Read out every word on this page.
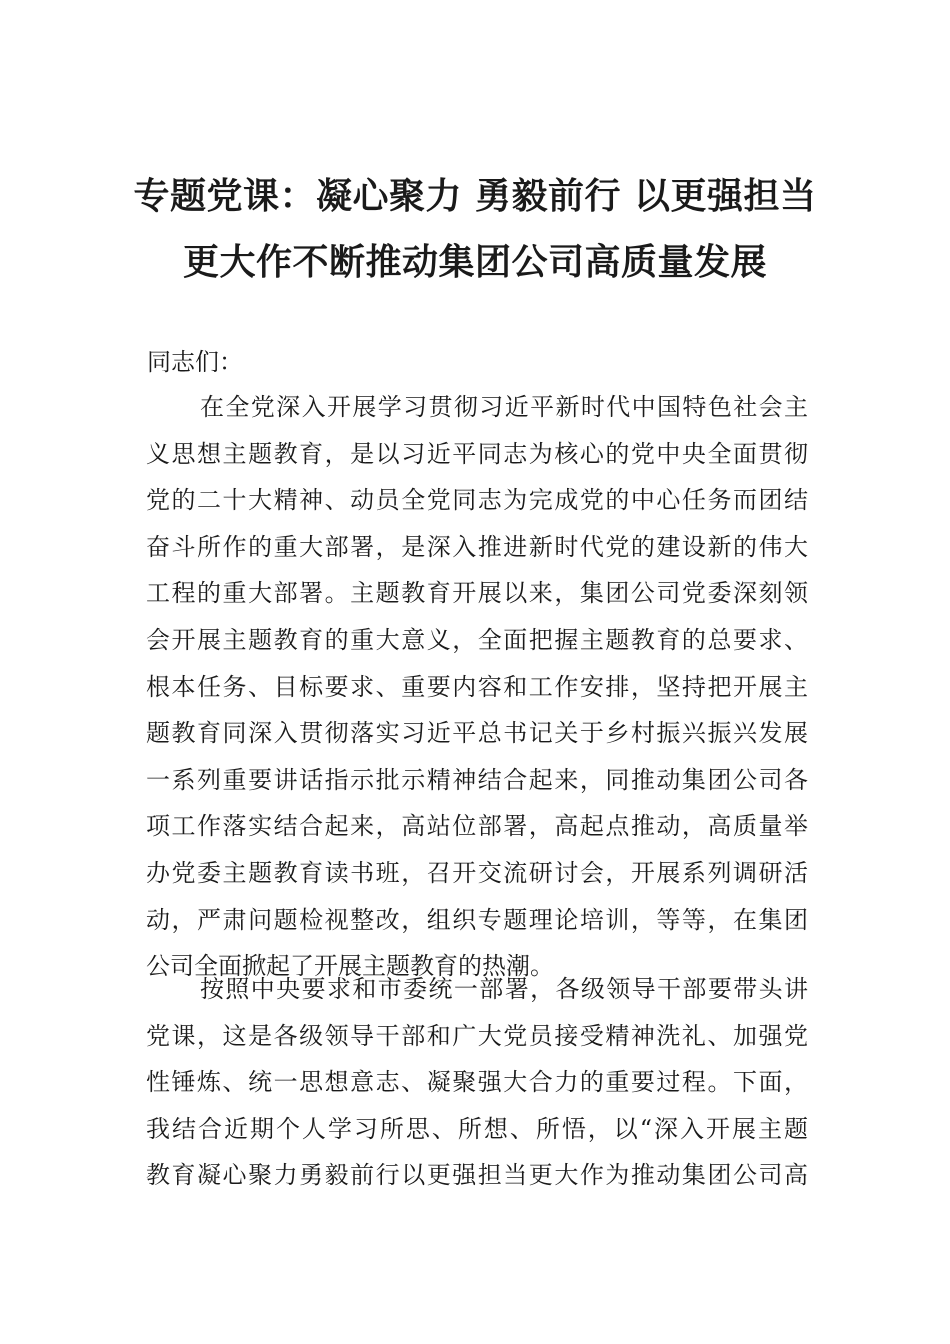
专题党课：凝心聚力 勇毅前行 以更强担当
更大作不断推动集团公司高质量发展
同志们：
在全党深入开展学习贯彻习近平新时代中国特色社会主
义思想主题教育，是以习近平同志为核心的党中央全面贯彻
党的二十大精神、动员全党同志为完成党的中心任务而团结
奋斗所作的重大部署，是深入推进新时代党的建设新的伟大
工程的重大部署。主题教育开展以来，集团公司党委深刻领
会开展主题教育的重大意义，全面把握主题教育的总要求、
根本任务、目标要求、重要内容和工作安排，坚持把开展主
题教育同深入贯彻落实习近平总书记关于乡村振兴振兴发展
一系列重要讲话指示批示精神结合起来，同推动集团公司各
项工作落实结合起来，高站位部署，高起点推动，高质量举
办党委主题教育读书班，召开交流研讨会，开展系列调研活
动，严肃问题检视整改，组织专题理论培训，等等，在集团
公司全面掀起了开展主题教育的热潮。
按照中央要求和市委统一部署，各级领导干部要带头讲
党课，这是各级领导干部和广大党员接受精神洗礼、加强党
性锤炼、统一思想意志、凝聚强大合力的重要过程。下面，
我结合近期个人学习所思、所想、所悟，以“深入开展主题
教育凝心聚力勇毅前行以更强担当更大作为推动集团公司高
